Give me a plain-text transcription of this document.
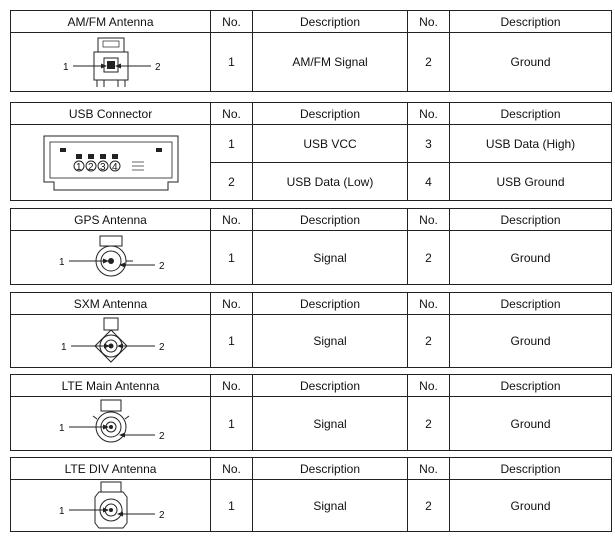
AM/FM Antenna	No.	Description	No.	Description

1 2	1	AM/FM Signal	2	Ground
USB Connector	No.	Description	No.	Description

1 2 3 4	1	USB VCC	3	USB Data (High)
	2	USB Data (Low)	4	USB Ground
GPS Antenna	No.	Description	No.	Description

1 2	1	Signal	2	Ground
SXM Antenna	No.	Description	No.	Description

1 2	1	Signal	2	Ground
LTE Main Antenna	No.	Description	No.	Description

1
2	1	Signal	2	Ground
LTE DIV Antenna	No.	Description	No.	Description

1 2	1	Signal	2	Ground
